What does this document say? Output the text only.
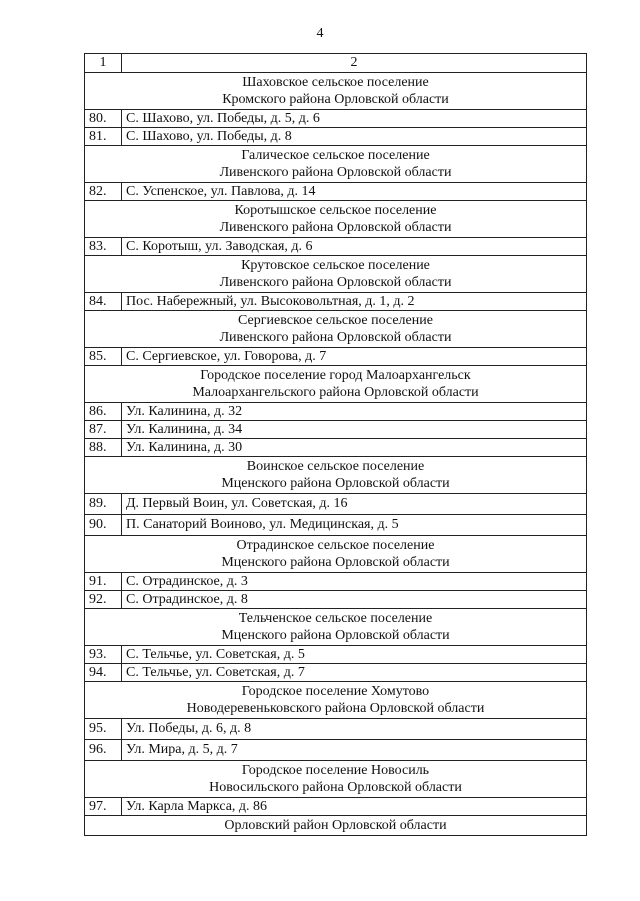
4
1	2

Шаховское сельское поселение
Кромского района Орловской области	

80.	С. Шахово, ул. Победы, д. 5, д. 6
81.	С. Шахово, ул. Победы, д. 8

Галическое сельское поселение
Ливенского района Орловской области	

82.	С. Успенское, ул. Павлова, д. 14

Коротышское сельское поселение
Ливенского района Орловской области	

83.	С. Коротыш, ул. Заводская, д. 6

Крутовское сельское поселение
Ливенского района Орловской области	

84.	Пос. Набережный, ул. Высоковольтная, д. 1, д. 2

Сергиевское сельское поселение
Ливенского района Орловской области	

85.	С. Сергиевское, ул. Говорова, д. 7

Городское поселение город Малоархангельск
Малоархангельского района Орловской области	

86.	Ул. Калинина, д. 32
87.	Ул. Калинина, д. 34
88.	Ул. Калинина, д. 30

Воинское сельское поселение
Мценского района Орловской области	

89.	Д. Первый Воин, ул. Советская, д. 16
90.	П. Санаторий Воиново, ул. Медицинская, д. 5

Отрадинское сельское поселение
Мценского района Орловской области	

91.	С. Отрадинское, д. 3
92.	С. Отрадинское, д. 8

Тельченское сельское поселение
Мценского района Орловской области	

93.	С. Тельчье, ул. Советская, д. 5
94.	С. Тельчье, ул. Советская, д. 7

Городское поселение Хомутово
Новодеревеньковского района Орловской области	

95.	Ул. Победы, д. 6, д. 8
96.	Ул. Мира, д. 5, д. 7

Городское поселение Новосиль
Новосильского района Орловской области	

97.	Ул. Карла Маркса, д. 86

Орловский район Орловской области	
